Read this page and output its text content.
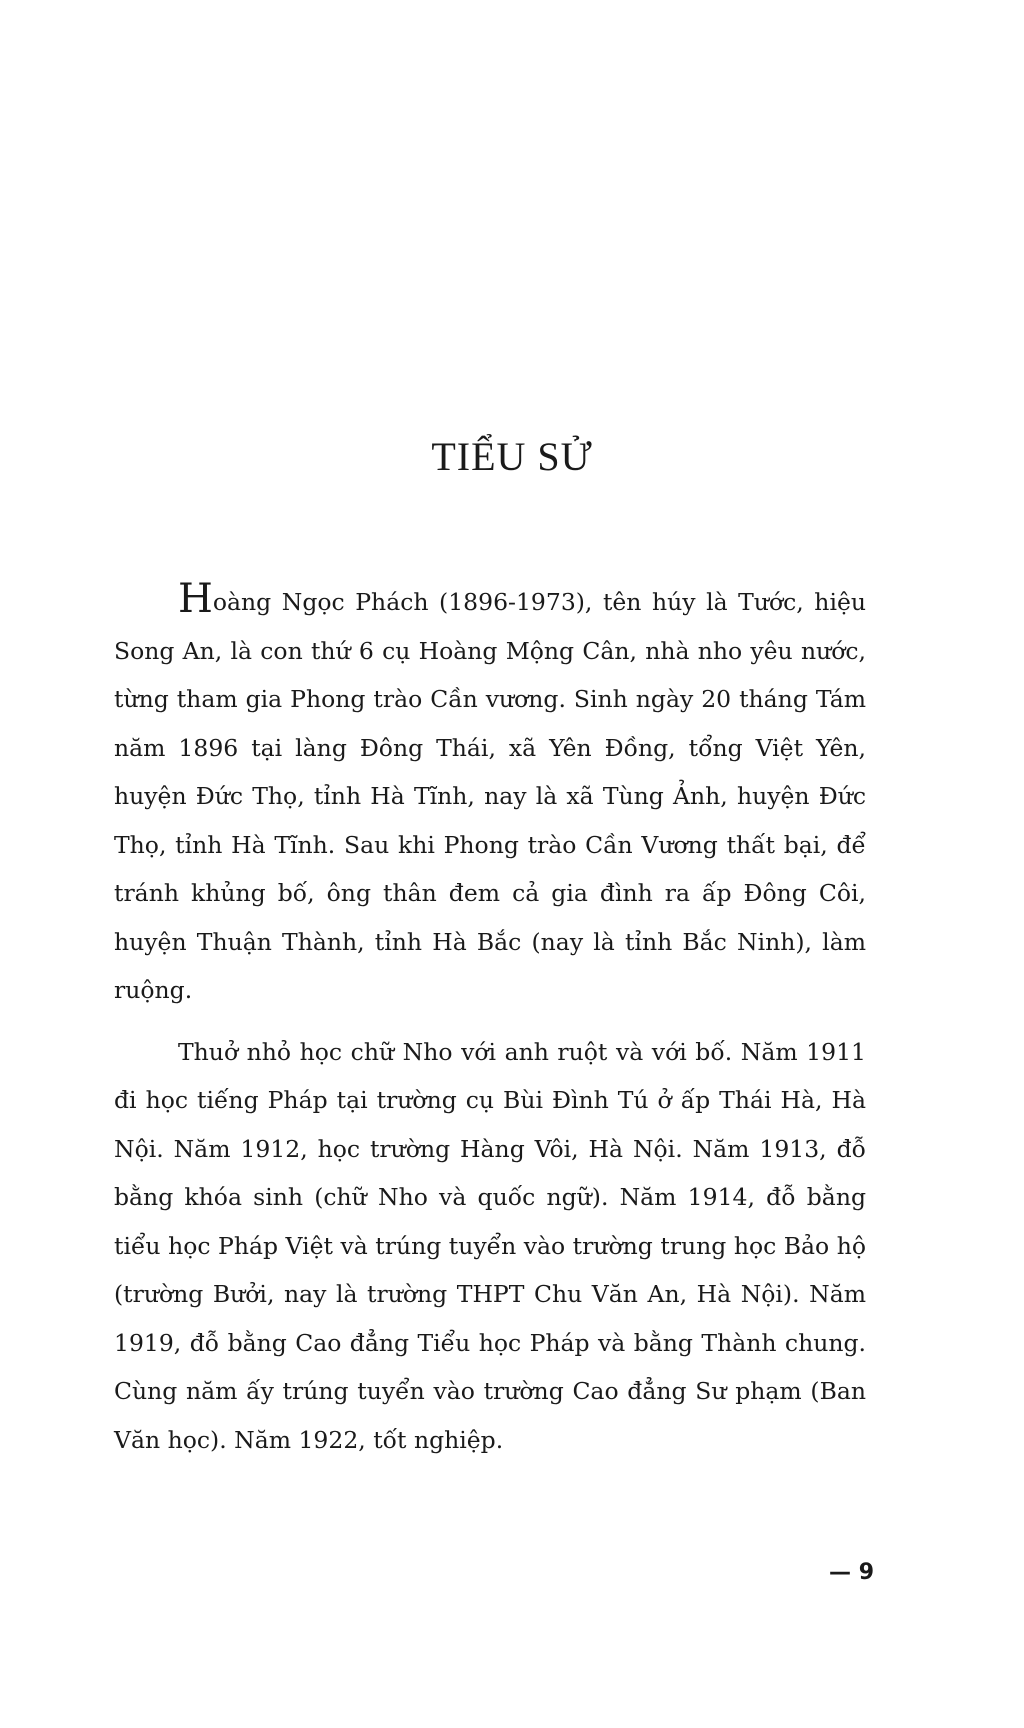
TIỂU SỬ

Hoàng Ngọc Phách (1896-1973), tên húy là Tước, hiệu Song An, là con thứ 6 cụ Hoàng Mộng Cân, nhà nho yêu nước, từng tham gia Phong trào Cần vương. Sinh ngày 20 tháng Tám năm 1896 tại làng Đông Thái, xã Yên Đồng, tổng Việt Yên, huyện Đức Thọ, tỉnh Hà Tĩnh, nay là xã Tùng Ảnh, huyện Đức Thọ, tỉnh Hà Tĩnh. Sau khi Phong trào Cần Vương thất bại, để tránh khủng bố, ông thân đem cả gia đình ra ấp Đông Côi, huyện Thuận Thành, tỉnh Hà Bắc (nay là tỉnh Bắc Ninh), làm ruộng.

Thuở nhỏ học chữ Nho với anh ruột và với bố. Năm 1911 đi học tiếng Pháp tại trường cụ Bùi Đình Tú ở ấp Thái Hà, Hà Nội. Năm 1912, học trường Hàng Vôi, Hà Nội. Năm 1913, đỗ bằng khóa sinh (chữ Nho và quốc ngữ). Năm 1914, đỗ bằng tiểu học Pháp Việt và trúng tuyển vào trường trung học Bảo hộ (trường Bưởi, nay là trường THPT Chu Văn An, Hà Nội). Năm 1919, đỗ bằng Cao đẳng Tiểu học Pháp và bằng Thành chung. Cùng năm ấy trúng tuyển vào trường Cao đẳng Sư phạm (Ban Văn học). Năm 1922, tốt nghiệp.

— 9
